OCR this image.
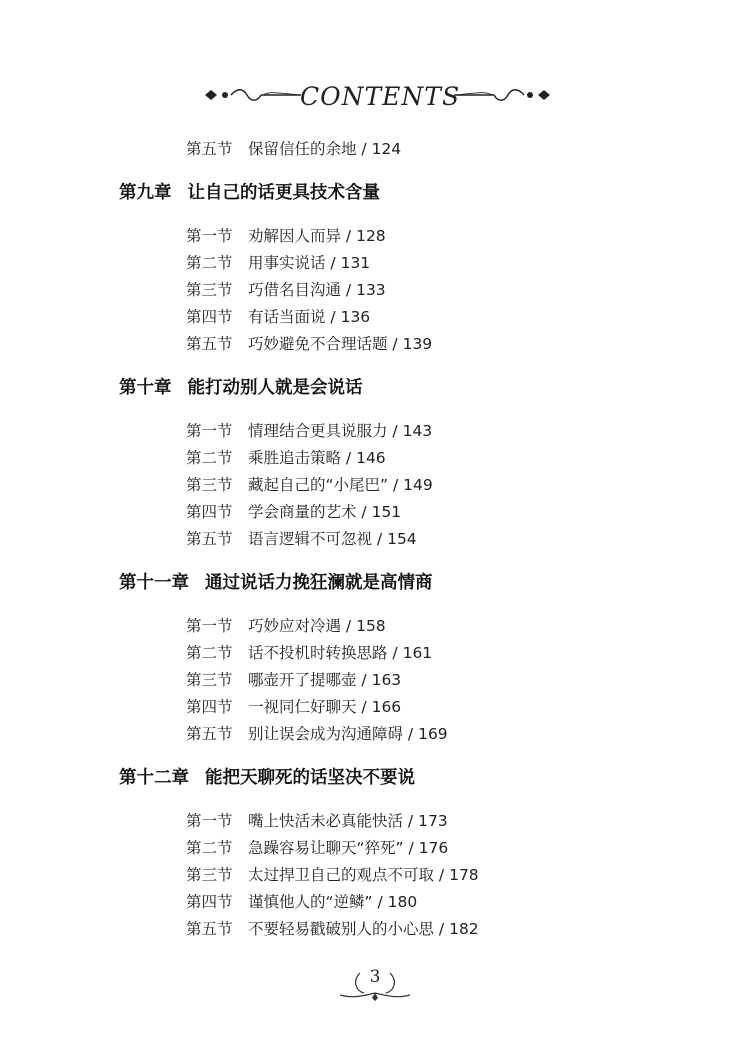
CONTENTS
第五节 保留信任的余地 / 124
第九章 让自己的话更具技术含量
第一节 劝解因人而异 / 128
第二节 用事实说话 / 131
第三节 巧借名目沟通 / 133
第四节 有话当面说 / 136
第五节 巧妙避免不合理话题 / 139
第十章 能打动别人就是会说话
第一节 情理结合更具说服力 / 143
第二节 乘胜追击策略 / 146
第三节 藏起自己的“小尾巴” / 149
第四节 学会商量的艺术 / 151
第五节 语言逻辑不可忽视 / 154
第十一章 通过说话力挽狂澜就是高情商
第一节 巧妙应对冷遇 / 158
第二节 话不投机时转换思路 / 161
第三节 哪壶开了提哪壶 / 163
第四节 一视同仁好聊天 / 166
第五节 别让误会成为沟通障碍 / 169
第十二章 能把天聊死的话坚决不要说
第一节 嘴上快活未必真能快活 / 173
第二节 急躁容易让聊天“猝死” / 176
第三节 太过捍卫自己的观点不可取 / 178
第四节 谨慎他人的“逆鳞” / 180
第五节 不要轻易戳破别人的小心思 / 182
3
